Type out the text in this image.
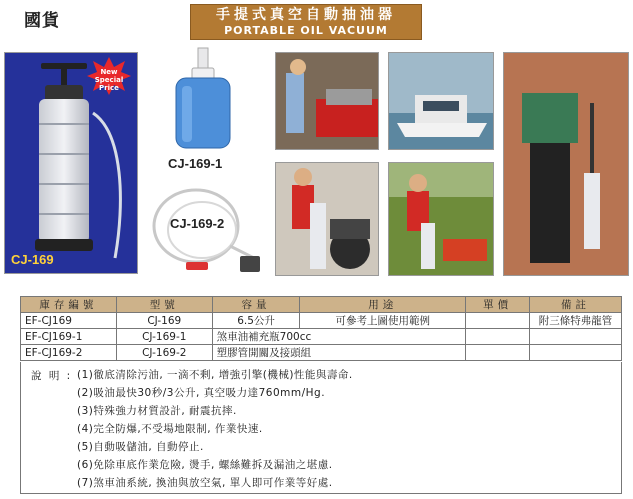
國貨	手提式真空自動抽油器
PORTABLE OIL VACUUM
New Special Price
CJ-169
CJ-169-1
CJ-169-2
庫存編號	型號	容量	用途	單價	備註
EF-CJ169	CJ-169	6.5公升	可參考上圖使用範例		附三條特弗龍管
EF-CJ169-1	CJ-169-1	煞車油補充瓶700cc			
EF-CJ169-2	CJ-169-2	塑膠管開關及接頭組			
說 明 : (1)徹底清除污油, 一滴不剩, 增強引擎(機械)性能與壽命.
(2)吸油最快30秒/3公升, 真空吸力達760mm/Hg.
(3)特殊強力材質設計, 耐震抗摔.
(4)完全防爆,不受場地限制, 作業快速.
(5)自動吸儲油, 自動停止.
(6)免除車底作業危險, 燙手, 螺絲難拆及漏油之堪慮.
(7)煞車油系統, 換油與放空氣, 單人即可作業等好處.
